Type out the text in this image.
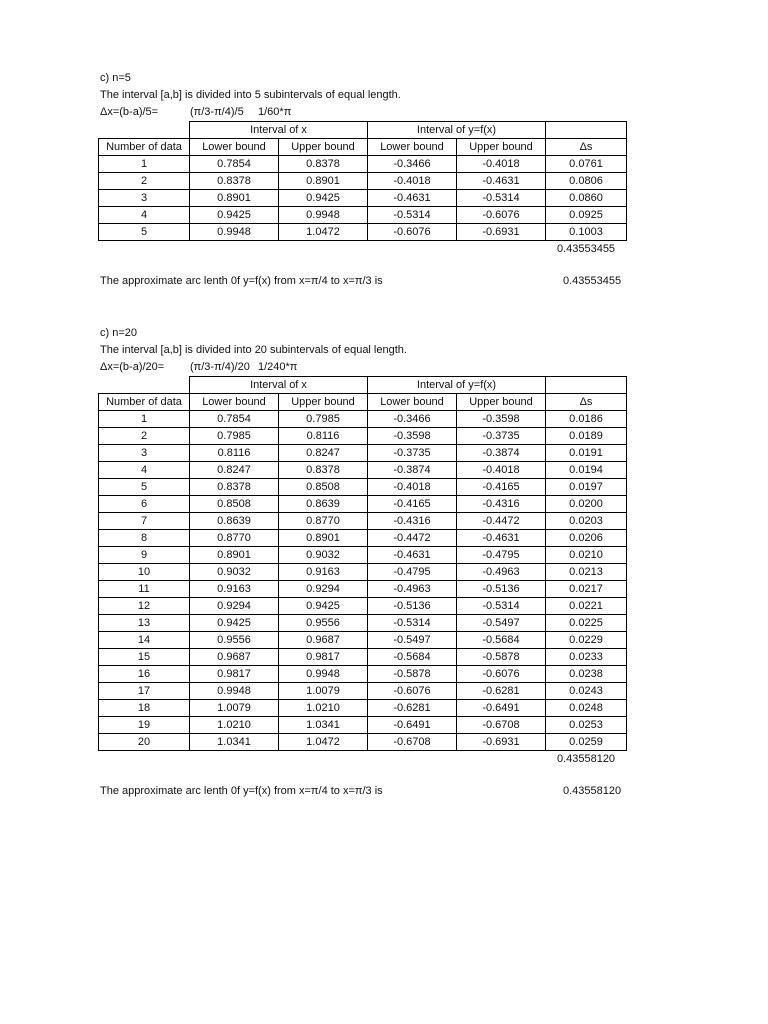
c) n=5
The interval [a,b] is divided into 5 subintervals of equal length.
Δx=(b-a)/5=	(π/3-π/4)/5 1/60*π
	Interval of x		Interval of y=f(x)		
Number of data	Lower bound	Upper bound	Lower bound	Upper bound	Δs
1	0.7854	0.8378	-0.3466	-0.4018	0.0761
2	0.8378	0.8901	-0.4018	-0.4631	0.0806
3	0.8901	0.9425	-0.4631	-0.5314	0.0860
4	0.9425	0.9948	-0.5314	-0.6076	0.0925
5	0.9948	1.0472	-0.6076	-0.6931	0.1003
					0.43553455
The approximate arc lenth 0f y=f(x) from x=π/4 to x=π/3 is	0.43553455
c) n=20
The interval [a,b] is divided into 20 subintervals of equal length.
Δx=(b-a)/20= (π/3-π/4)/20 1/240*π
	Interval of x		Interval of y=f(x)		
Number of data	Lower bound	Upper bound	Lower bound	Upper bound	Δs
1	0.7854	0.7985	-0.3466	-0.3598	0.0186
2	0.7985	0.8116	-0.3598	-0.3735	0.0189
3	0.8116	0.8247	-0.3735	-0.3874	0.0191
4	0.8247	0.8378	-0.3874	-0.4018	0.0194
5	0.8378	0.8508	-0.4018	-0.4165	0.0197
6	0.8508	0.8639	-0.4165	-0.4316	0.0200
7	0.8639	0.8770	-0.4316	-0.4472	0.0203
8	0.8770	0.8901	-0.4472	-0.4631	0.0206
9	0.8901	0.9032	-0.4631	-0.4795	0.0210
10	0.9032	0.9163	-0.4795	-0.4963	0.0213
11	0.9163	0.9294	-0.4963	-0.5136	0.0217
12	0.9294	0.9425	-0.5136	-0.5314	0.0221
13	0.9425	0.9556	-0.5314	-0.5497	0.0225
14	0.9556	0.9687	-0.5497	-0.5684	0.0229
15	0.9687	0.9817	-0.5684	-0.5878	0.0233
16	0.9817	0.9948	-0.5878	-0.6076	0.0238
17	0.9948	1.0079	-0.6076	-0.6281	0.0243
18	1.0079	1.0210	-0.6281	-0.6491	0.0248
19	1.0210	1.0341	-0.6491	-0.6708	0.0253
20	1.0341	1.0472	-0.6708	-0.6931	0.0259
					0.43558120
The approximate arc lenth 0f y=f(x) from x=π/4 to x=π/3 is	0.43558120
